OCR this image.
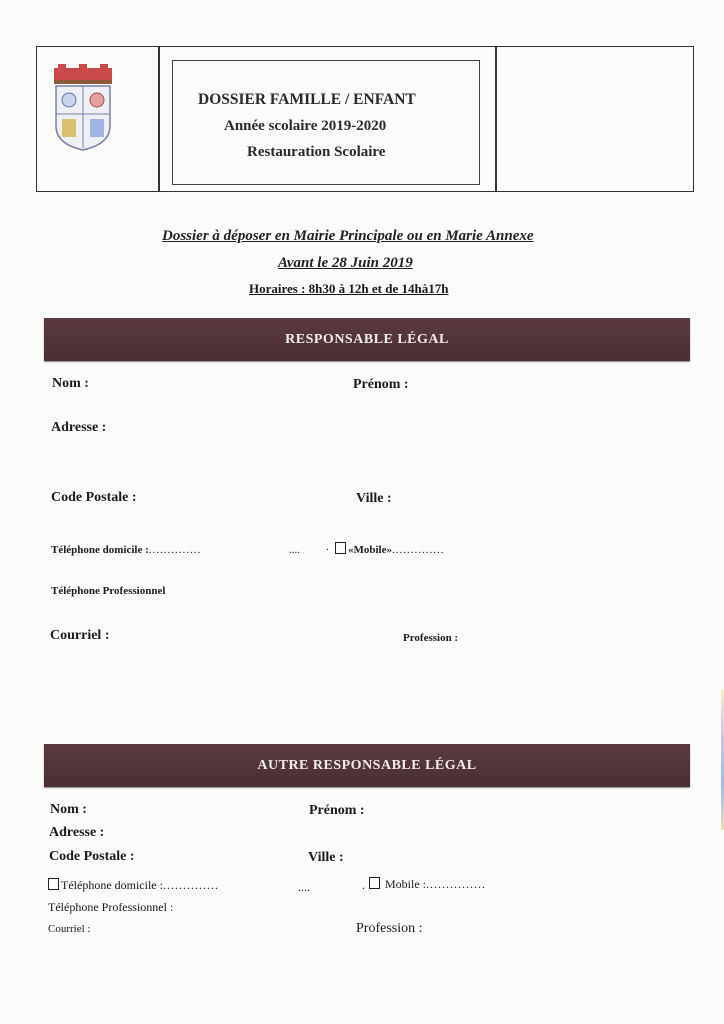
DOSSIER FAMILLE / ENFANT
Année scolaire 2019-2020
Restauration Scolaire
Dossier à déposer en Mairie Principale ou en Marie Annexe
Avant le 28 Juin 2019
Horaires : 8h30 à 12h et de 14hà17h
RESPONSABLE LÉGAL
Nom :	Prénom :
Adresse :
Code Postale :	Ville :
Téléphone domicile :..............	.... .	«Mobile»..............
Téléphone Professionnel
Courriel :	Profession :
AUTRE RESPONSABLE LÉGAL
Nom :	Prénom :
Adresse :
Code Postale :	Ville :
Téléphone domicile :..............	....	.	Mobile :...............
Téléphone Professionnel :
Courriel :	Profession :
